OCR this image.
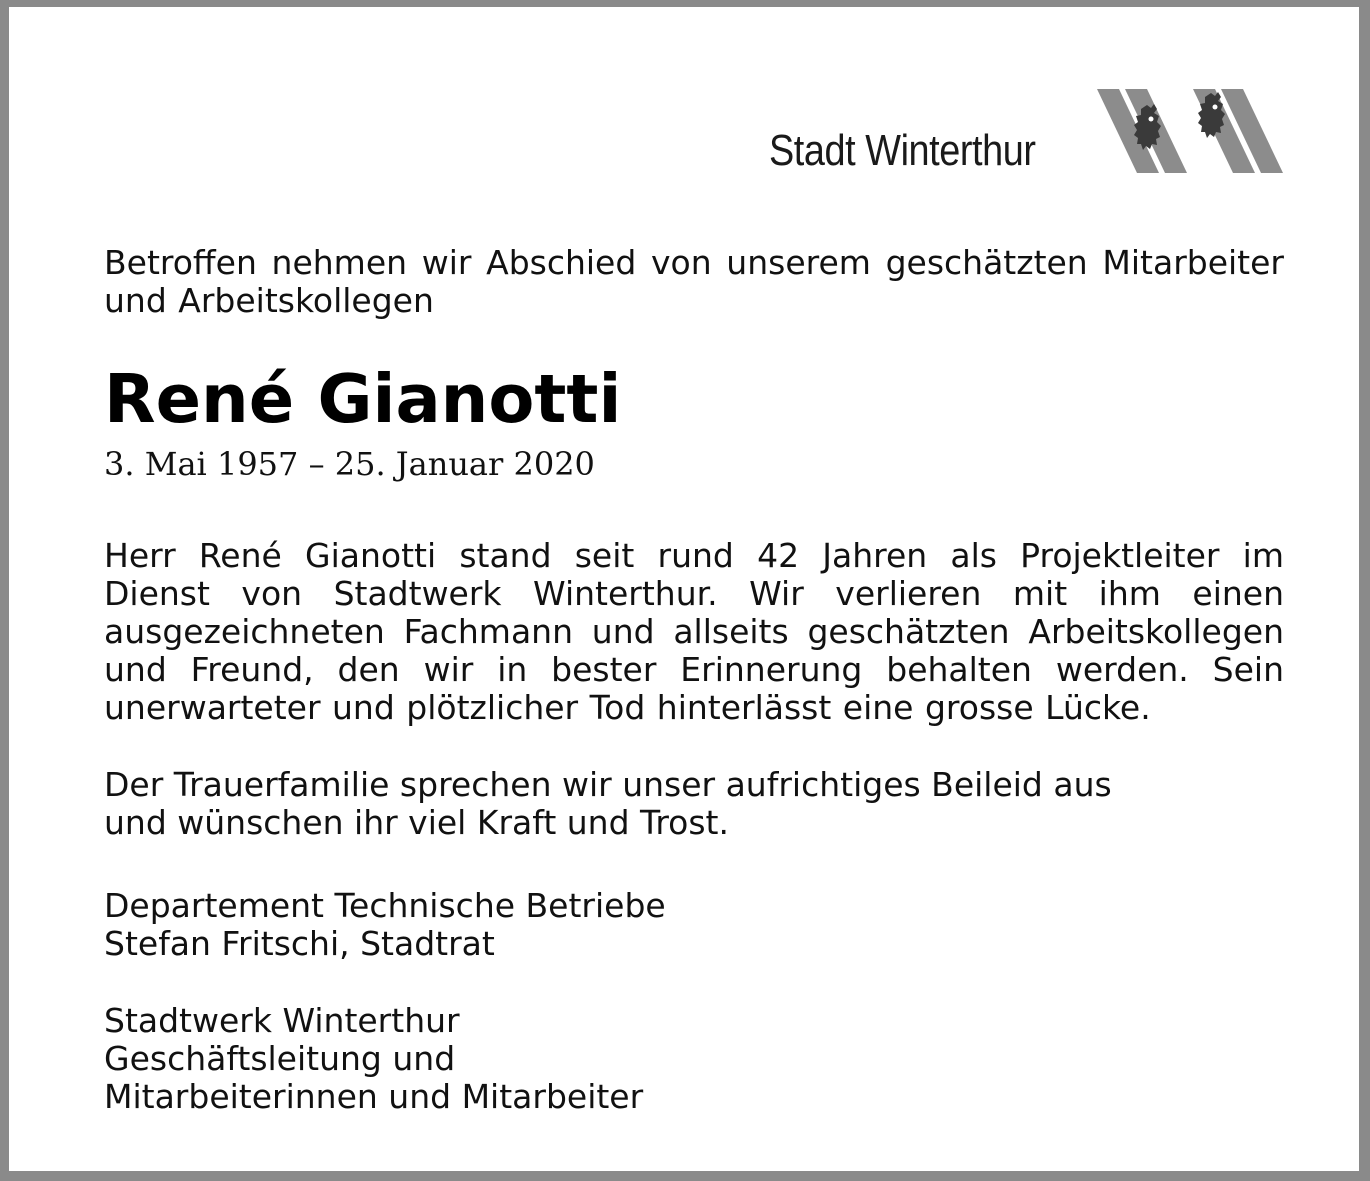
Stadt Winterthur
Betroffen nehmen wir Abschied von unserem geschätzten Mitarbeiter und Arbeitskollegen
René Gianotti
3. Mai 1957 – 25. Januar 2020
Herr René Gianotti stand seit rund 42 Jahren als Projektleiter im Dienst von Stadtwerk Winterthur. Wir verlieren mit ihm einen ausgezeichneten Fachmann und allseits geschätzten Arbeitskollegen und Freund, den wir in bester Erinnerung behalten werden. Sein unerwarteter und plötzlicher Tod hinterlässt eine grosse Lücke.
Der Trauerfamilie sprechen wir unser aufrichtiges Beileid aus und wünschen ihr viel Kraft und Trost.
Departement Technische Betriebe
Stefan Fritschi, Stadtrat
Stadtwerk Winterthur
Geschäftsleitung und
Mitarbeiterinnen und Mitarbeiter
